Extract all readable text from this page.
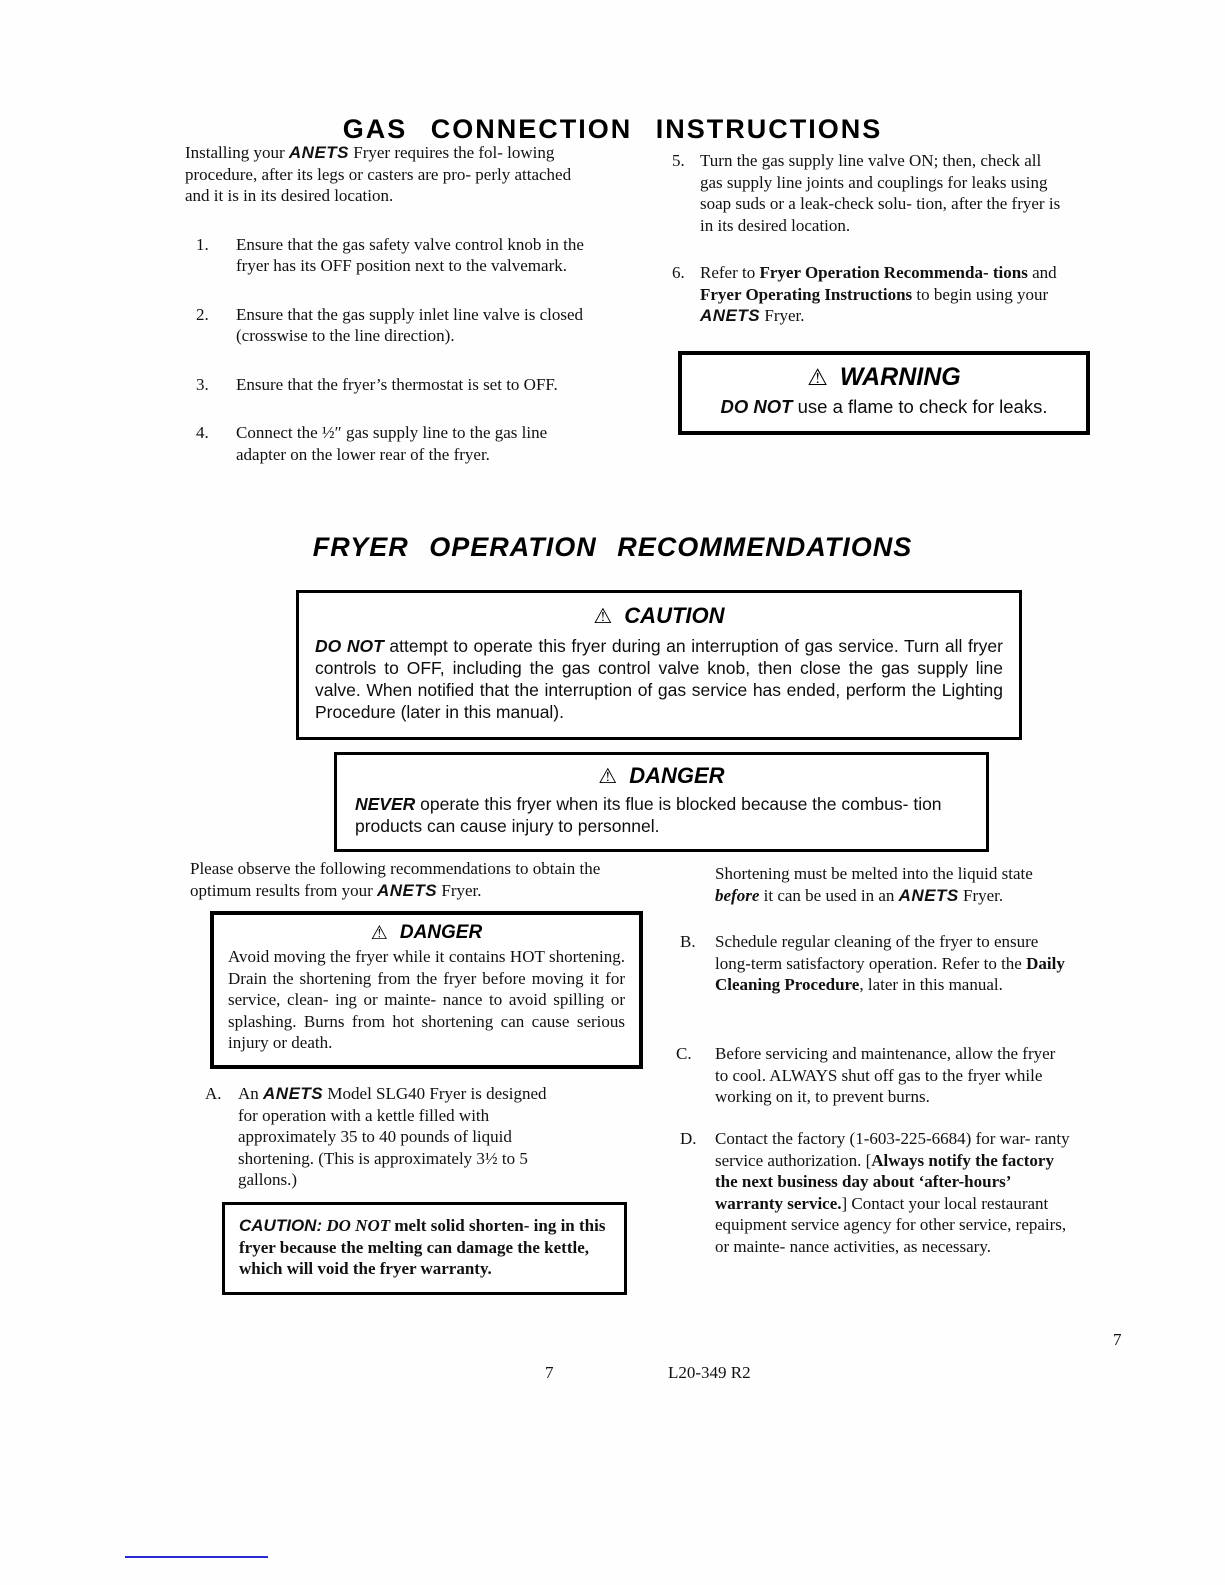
GAS CONNECTION INSTRUCTIONS

Installing your ANETS Fryer requires the fol- lowing procedure, after its legs or casters are pro- perly attached and it is in its desired location.

1.	Ensure that the gas safety valve control knob in the fryer has its OFF position next to the valvemark.
2.	Ensure that the gas supply inlet line valve is closed (crosswise to the line direction).
3.	Ensure that the fryer’s thermostat is set to OFF.
4.	Connect the ½″ gas supply line to the gas line adapter on the lower rear of the fryer.
5. Turn the gas supply line valve ON; then, check all gas supply line joints and couplings for leaks using soap suds or a leak-check solu- tion, after the fryer is in its desired location.
6. Refer to Fryer Operation Recommenda- tions and Fryer Operating Instructions to begin using your ANETS Fryer.
⚠ WARNING
DO NOT use a flame to check for leaks.
FRYER OPERATION RECOMMENDATIONS
⚠ CAUTION
DO NOT attempt to operate this fryer during an interruption of gas service. Turn all fryer controls to OFF, including the gas control valve knob, then close the gas supply line valve. When notified that the interruption of gas service has ended, perform the Lighting Procedure (later in this manual).
⚠ DANGER
NEVER operate this fryer when its flue is blocked because the combus- tion products can cause injury to personnel.

Please observe the following recommendations to obtain the optimum results from your ANETS Fryer.

⚠ DANGER
Avoid moving the fryer while it contains HOT shortening. Drain the shortening from the fryer before moving it for service, clean- ing or mainte- nance to avoid spilling or splashing. Burns from hot shortening can cause serious injury or death.
A. An ANETS Model SLG40 Fryer is designed for operation with a kettle filled with approximately 35 to 40 pounds of liquid shortening. (This is approximately 3½ to 5 gallons.)
CAUTION: DO NOT melt solid shorten- ing in this fryer because the melting can damage the kettle, which will void the fryer warranty.

Shortening must be melted into the liquid state before it can be used in an ANETS Fryer.

B.	Schedule regular cleaning of the fryer to ensure long-term satisfactory operation. Refer to the Daily Cleaning Procedure, later in this manual.
C.	Before servicing and maintenance, allow the fryer to cool. ALWAYS shut off gas to the fryer while working on it, to prevent burns.
D.	Contact the factory (1-603-225-6684) for war- ranty service authorization. [Always notify the factory the next business day about ‘after-hours’ warranty service.] Contact your local restaurant equipment service agency for other service, repairs, or mainte- nance activities, as necessary.
7
7	L20-349 R2
